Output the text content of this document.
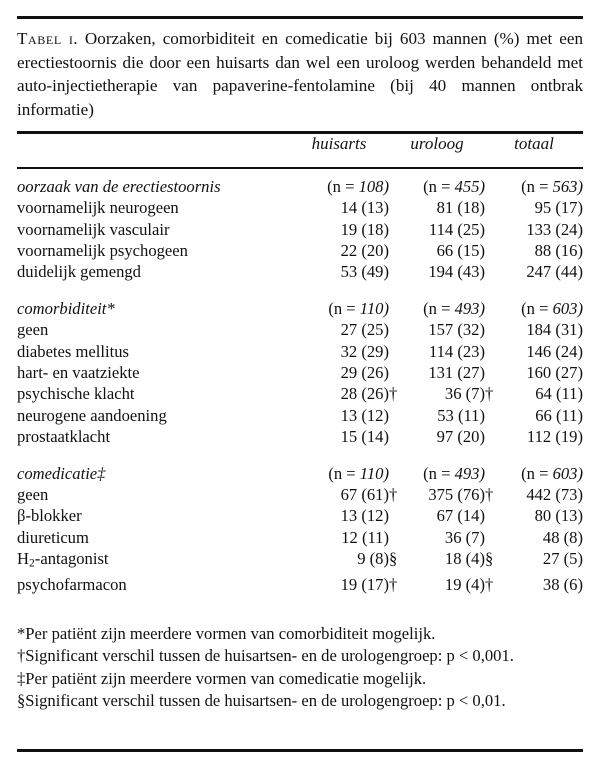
Tabel i. Oorzaken, comorbiditeit en comedicatie bij 603 mannen (%) met een erectiestoornis die door een huisarts dan wel een uroloog werden behandeld met auto-injectietherapie van papaverine-fentolamine (bij 40 mannen ontbrak informatie)
	huisarts	uroloog	totaal

oorzaak van de erectiestoornis	(n = 108)	(n = 455)	(n = 563)
voornamelijk neurogeen	14 (13)	81 (18)	95 (17)
voornamelijk vasculair	19 (18)	114 (25)	133 (24)
voornamelijk psychogeen	22 (20)	66 (15)	88 (16)
duidelijk gemengd	53 (49)	194 (43)	247 (44)

comorbiditeit*	(n = 110)	(n = 493)	(n = 603)
geen	27 (25)	157 (32)	184 (31)
diabetes mellitus	32 (29)	114 (23)	146 (24)
hart- en vaatziekte	29 (26)	131 (27)	160 (27)
psychische klacht	28 (26)†	36 (7)†	64 (11)
neurogene aandoening	13 (12)	53 (11)	66 (11)
prostaatklacht	15 (14)	97 (20)	112 (19)

comedicatie‡	(n = 110)	(n = 493)	(n = 603)
geen	67 (61)†	375 (76)†	442 (73)
β-blokker	13 (12)	67 (14)	80 (13)
diureticum	12 (11)	36 (7)	48 (8)
$H_2$-antagonist	9 (8)§	18 (4)§	27 (5)
psychofarmacon	19 (17)†	19 (4)†	38 (6)

*Per patiënt zijn meerdere vormen van comorbiditeit mogelijk.

†Significant verschil tussen de huisartsen- en de urologengroep: p < 0,001.

‡Per patiënt zijn meerdere vormen van comedicatie mogelijk.

§Significant verschil tussen de huisartsen- en de urologengroep: p < 0,01.
